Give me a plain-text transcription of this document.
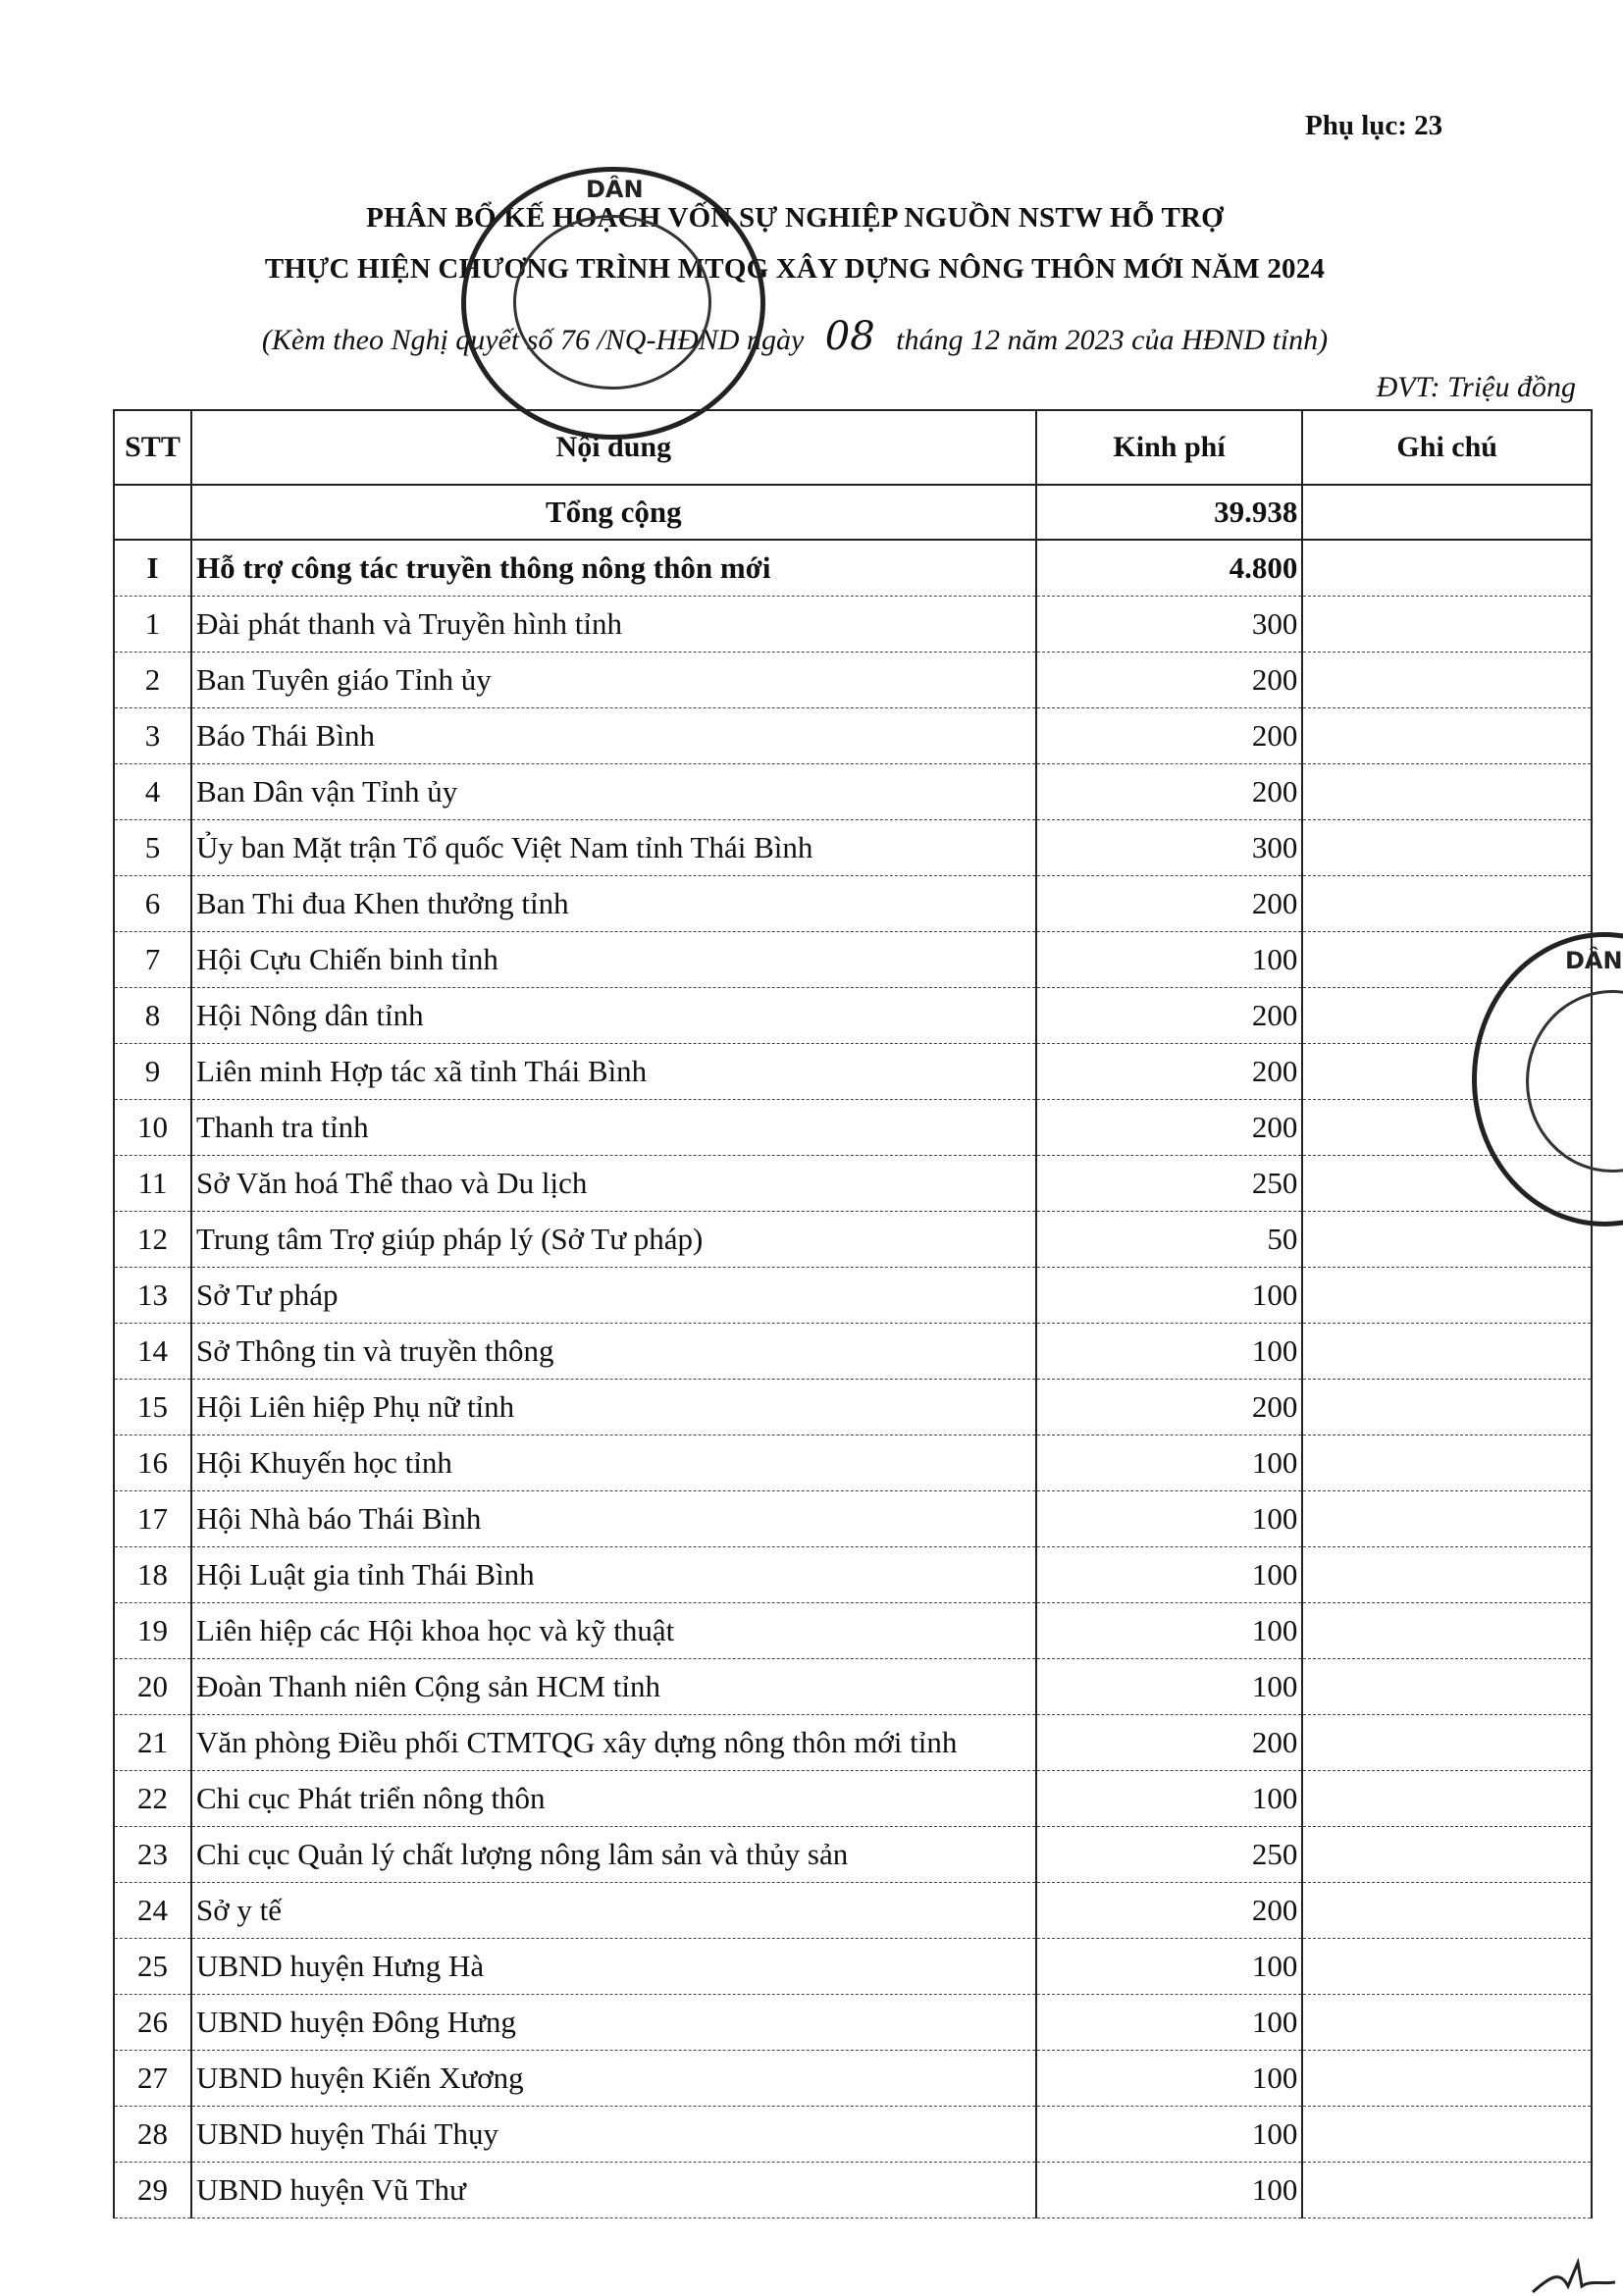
Phụ lục: 23
PHÂN BỔ KẾ HOẠCH VỐN SỰ NGHIỆP NGUỒN NSTW HỖ TRỢ
THỰC HIỆN CHƯƠNG TRÌNH MTQG XÂY DỰNG NÔNG THÔN MỚI NĂM 2024
(Kèm theo Nghị quyết số 76 /NQ-HĐND ngày 08 tháng 12 năm 2023 của HĐND tỉnh)
ĐVT: Triệu đồng
STT	Nội dung	Kinh phí	Ghi chú
	Tổng cộng	39.938	
I	Hỗ trợ công tác truyền thông nông thôn mới	4.800	
1	Đài phát thanh và Truyền hình tỉnh	300	
2	Ban Tuyên giáo Tỉnh ủy	200	
3	Báo Thái Bình	200	
4	Ban Dân vận Tỉnh ủy	200	
5	Ủy ban Mặt trận Tổ quốc Việt Nam tỉnh Thái Bình	300	
6	Ban Thi đua Khen thưởng tỉnh	200	
7	Hội Cựu Chiến binh tỉnh	100	
8	Hội Nông dân tỉnh	200	
9	Liên minh Hợp tác xã tỉnh Thái Bình	200	
10	Thanh tra tỉnh	200	
11	Sở Văn hoá Thể thao và Du lịch	250	
12	Trung tâm Trợ giúp pháp lý (Sở Tư pháp)	50	
13	Sở Tư pháp	100	
14	Sở Thông tin và truyền thông	100	
15	Hội Liên hiệp Phụ nữ tỉnh	200	
16	Hội Khuyến học tỉnh	100	
17	Hội Nhà báo Thái Bình	100	
18	Hội Luật gia tỉnh Thái Bình	100	
19	Liên hiệp các Hội khoa học và kỹ thuật	100	
20	Đoàn Thanh niên Cộng sản HCM tỉnh	100	
21	Văn phòng Điều phối CTMTQG xây dựng nông thôn mới tỉnh	200	
22	Chi cục Phát triển nông thôn	100	
23	Chi cục Quản lý chất lượng nông lâm sản và thủy sản	250	
24	Sở y tế	200	
25	UBND huyện Hưng Hà	100	
26	UBND huyện Đông Hưng	100	
27	UBND huyện Kiến Xương	100	
28	UBND huyện Thái Thụy	100	
29	UBND huyện Vũ Thư	100	
DÂN
DÂN
